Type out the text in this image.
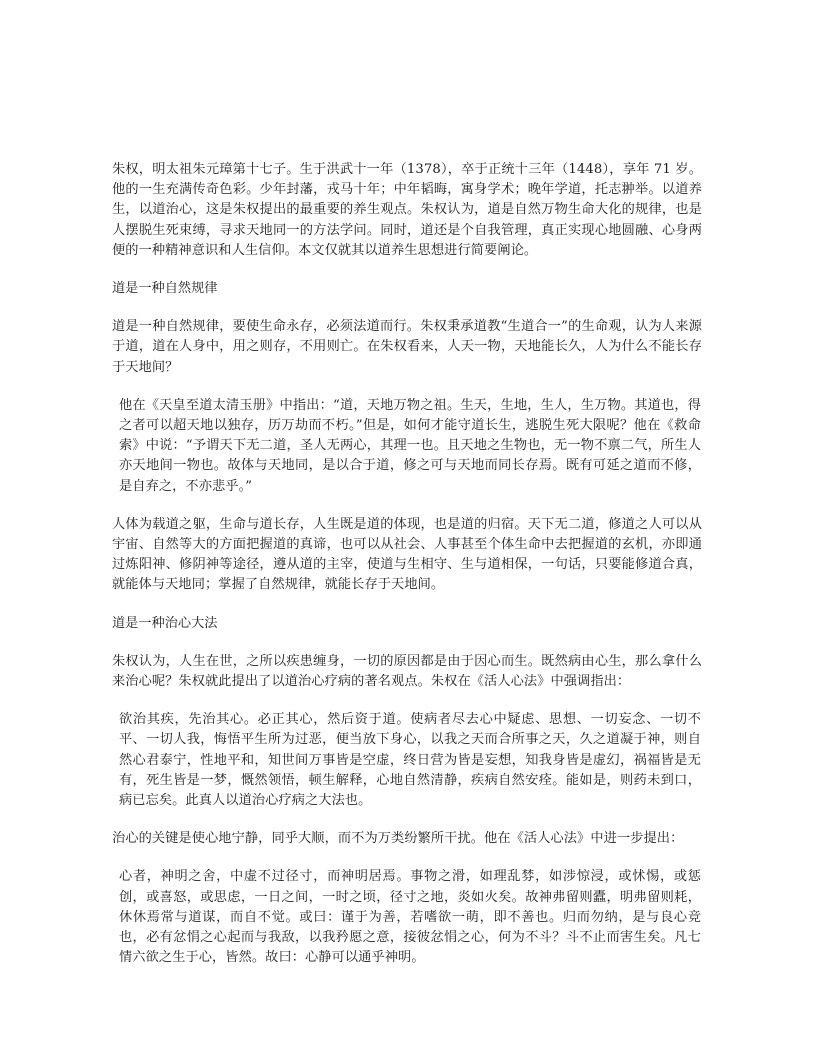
朱权，明太祖朱元璋第十七子。生于洪武十一年（1378），卒于正统十三年（1448），享年 71 岁。他的一生充满传奇色彩。少年封藩，戎马十年；中年韬晦，寓身学术；晚年学道，托志翀举。以道养生，以道治心，这是朱权提出的最重要的养生观点。朱权认为，道是自然万物生命大化的规律，也是人摆脱生死束缚，寻求天地同一的方法学问。同时，道还是个自我管理，真正实现心地圆融、心身两便的一种精神意识和人生信仰。本文仅就其以道养生思想进行简要阐论。

道是一种自然规律

道是一种自然规律，要使生命永存，必须法道而行。朱权秉承道教“生道合一”的生命观，认为人来源于道，道在人身中，用之则存，不用则亡。在朱权看来，人天一物，天地能长久，人为什么不能长存于天地间？

他在《天皇至道太清玉册》中指出：“道，天地万物之祖。生天，生地，生人，生万物。其道也，得之者可以超天地以独存，历万劫而不朽。”但是，如何才能守道长生，逃脱生死大限呢？他在《救命索》中说：“予谓天下无二道，圣人无两心，其理一也。且天地之生物也，无一物不禀二气，所生人亦天地间一物也。故体与天地同，是以合于道，修之可与天地而同长存焉。既有可延之道而不修，是自弃之，不亦悲乎。”

人体为载道之躯，生命与道长存，人生既是道的体现，也是道的归宿。天下无二道，修道之人可以从宇宙、自然等大的方面把握道的真谛，也可以从社会、人事甚至个体生命中去把握道的玄机，亦即通过炼阳神、修阴神等途径，遵从道的主宰，使道与生相守、生与道相保，一句话，只要能修道合真，就能体与天地同；掌握了自然规律，就能长存于天地间。

道是一种治心大法

朱权认为，人生在世，之所以疾患缠身，一切的原因都是由于因心而生。既然病由心生，那么拿什么来治心呢？朱权就此提出了以道治心疗病的著名观点。朱权在《活人心法》中强调指出：

欲治其疾，先治其心。必正其心，然后资于道。使病者尽去心中疑虑、思想、一切妄念、一切不平、一切人我，悔悟平生所为过恶，便当放下身心，以我之天而合所事之天，久之道凝于神，则自然心君泰宁，性地平和，知世间万事皆是空虚，终日营为皆是妄想，知我身皆是虚幻，祸福皆是无有，死生皆是一梦，慨然领悟，顿生解释，心地自然清静，疾病自然安痊。能如是，则药未到口，病已忘矣。此真人以道治心疗病之大法也。

治心的关键是使心地宁静，同乎大顺，而不为万类纷繁所干扰。他在《活人心法》中进一步提出：

心者，神明之舍，中虚不过径寸，而神明居焉。事物之滑，如理乱棼，如涉惊浸，或怵惕，或惩创，或喜怒，或思虑，一日之间，一时之顷，径寸之地，炎如火矣。故神弗留则蠹，明弗留则耗，休休焉常与道谋，而自不觉。或曰：谨于为善，若嗜欲一萌，即不善也。归而勿纳，是与良心竞也，必有忿悁之心起而与我敌，以我矜愿之意，接彼忿悁之心，何为不斗？斗不止而害生矣。凡七情六欲之生于心，皆然。故曰：心静可以通乎神明。
